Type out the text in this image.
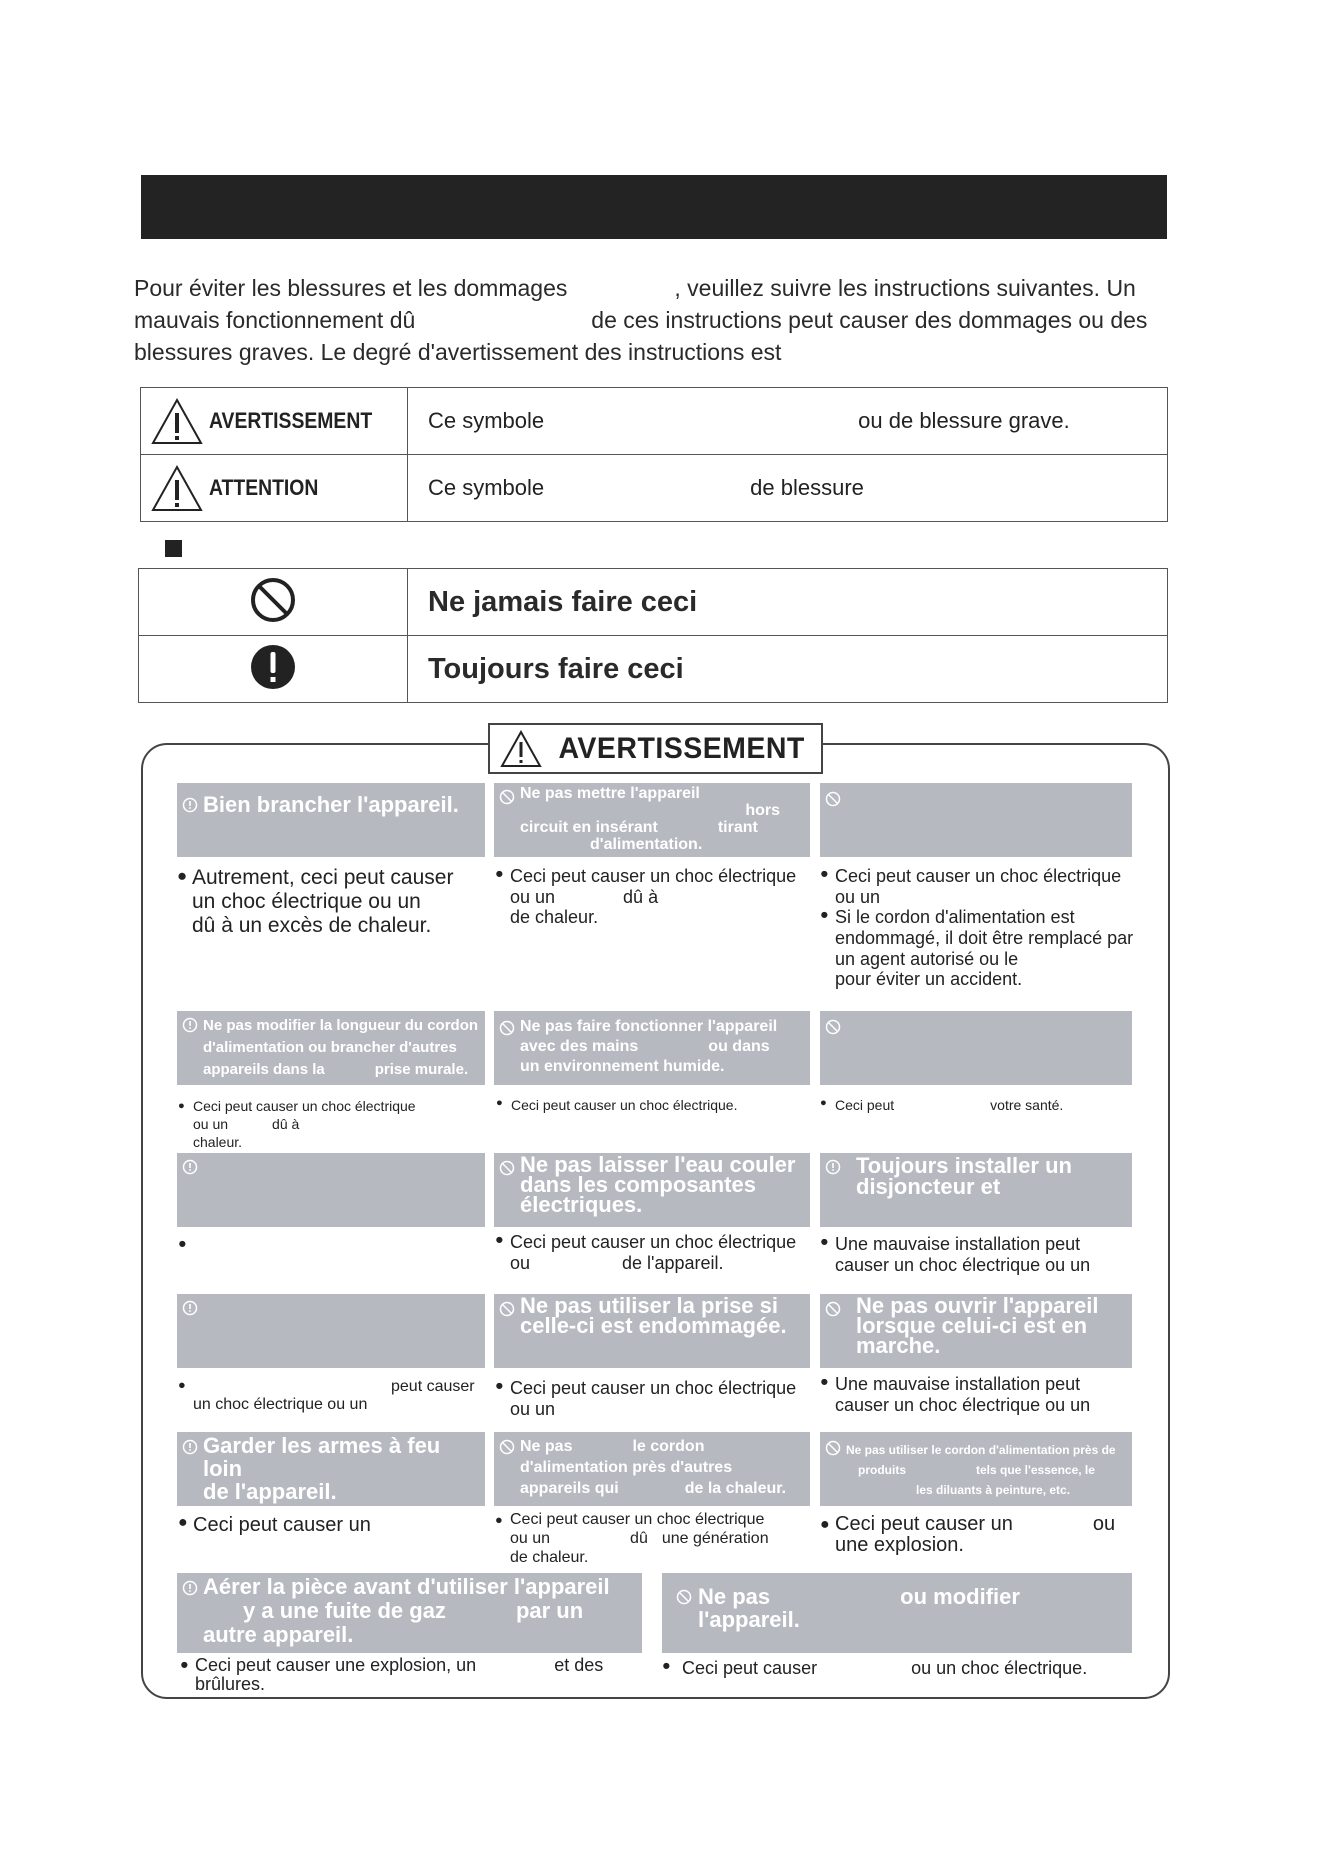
Pour éviter les blessures et les dommages	, veuillez suivre les instructions suivantes. Un

mauvais fonctionnement dû	de ces instructions peut causer des dommages ou des

blessures graves. Le degré d'avertissement des instructions est

AVERTISSEMENT	Ce symbole ou de blessure grave.

ATTENTION	Ce symbole de blessure
	Ne jamais faire ceci
	Toujours faire ceci
AVERTISSEMENT
Bien brancher l'appareil.
● Autrement, ceci peut causer un choc électrique ou un
dû à un excès de chaleur.
Ne pas mettre l'appareil
hors
circuit en insérant	tirant
d'alimentation.
● Ceci peut causer un choc électrique
ou un	dû à
de chaleur.
● Ceci peut causer un choc électrique
ou un
● Si le cordon d'alimentation est endommagé, il doit être remplacé par un agent autorisé ou le
pour éviter un accident.
Ne pas modifier la longueur du cordon
d'alimentation ou brancher d'autres
appareils dans la	prise murale.
● Ceci peut causer un choc électrique
ou un	dû à
chaleur.
Ne pas faire fonctionner l'appareil
avec des mains	ou dans
un environnement humide.
● Ceci peut causer un choc électrique.	● Ceci peut	votre santé.
Ne pas laisser l'eau couler
dans les composantes
électriques.
● Ceci peut causer un choc électrique
ou	de l'appareil.
Toujours installer un
disjoncteur et
● Une mauvaise installation peut causer un choc électrique ou un
● peut causer
un choc électrique ou un
Ne pas utiliser la prise si
celle-ci est endommagée.
● Ceci peut causer un choc électrique
ou un
Ne pas ouvrir l'appareil
lorsque celui-ci est en
marche.
● Une mauvaise installation peut causer un choc électrique ou un
Garder les armes à feu loin
de l'appareil.
● Ceci peut causer un
Ne pas	le cordon
d'alimentation près d'autres
appareils qui	de la chaleur.
● Ceci peut causer un choc électrique
ou un	dû une génération
de chaleur.
Ne pas utiliser le cordon d'alimentation près de
produits	tels que l'essence, le
les diluants à peinture, etc.
● Ceci peut causer un	ou
une explosion.
Aérer la pièce avant d'utiliser l'appareil
y a une fuite de gaz	par un
autre appareil.
● Ceci peut causer une explosion, un	et des
brûlures.
Ne pas	ou modifier l'appareil.
● Ceci peut causer	ou un choc électrique.
